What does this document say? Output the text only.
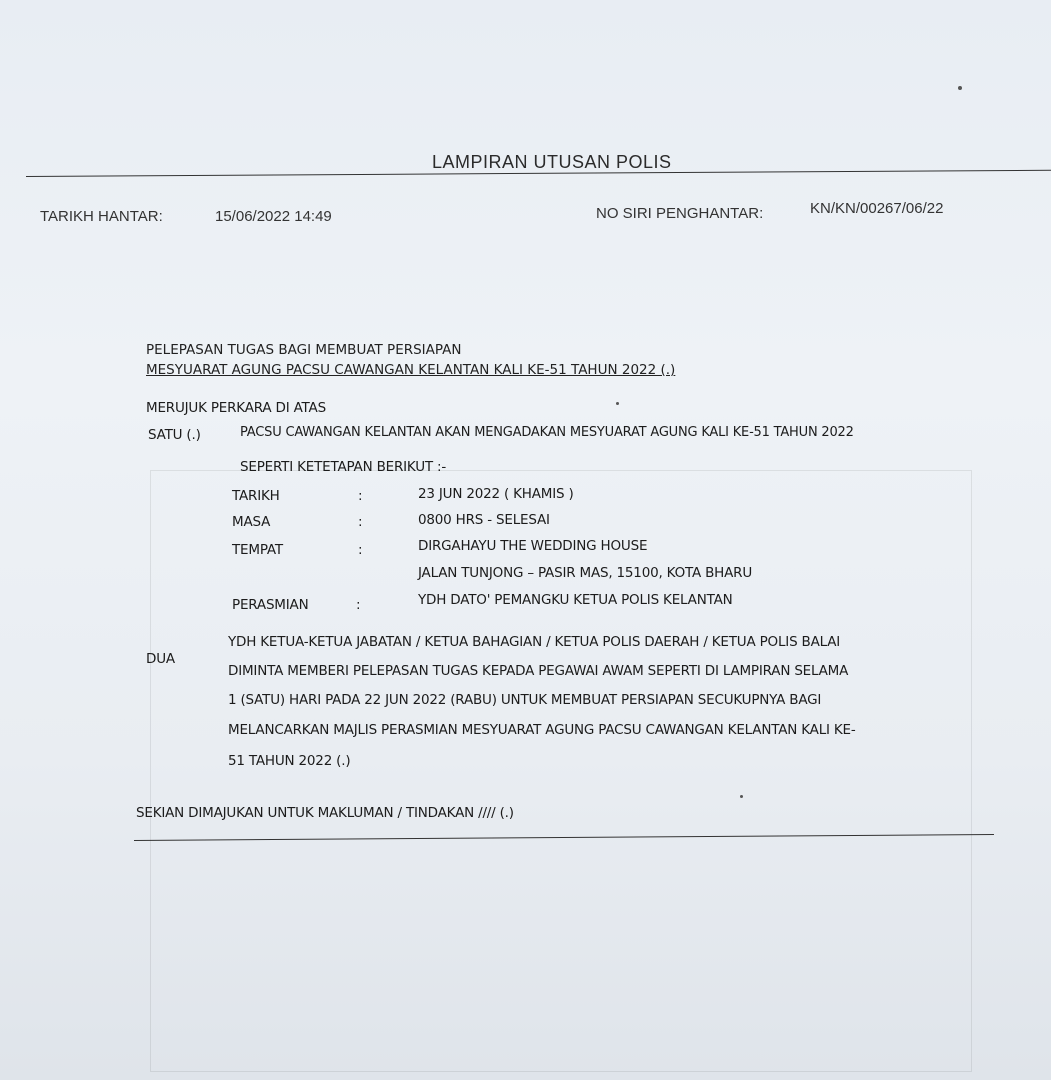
LAMPIRAN UTUSAN POLIS
TARIKH HANTAR:	15/06/2022 14:49	NO SIRI PENGHANTAR:	KN/KN/00267/06/22
PELEPASAN TUGAS BAGI MEMBUAT PERSIAPAN
MESYUARAT AGUNG PACSU CAWANGAN KELANTAN KALI KE-51 TAHUN 2022 (.)
MERUJUK PERKARA DI ATAS
SATU (.)	PACSU CAWANGAN KELANTAN AKAN MENGADAKAN MESYUARAT AGUNG KALI KE-51 TAHUN 2022
SEPERTI KETETAPAN BERIKUT :-
TARIKH	:	23 JUN 2022 ( KHAMIS )
MASA	:	0800 HRS - SELESAI
TEMPAT	:	DIRGAHAYU THE WEDDING HOUSE
JALAN TUNJONG – PASIR MAS, 15100, KOTA BHARU
PERASMIAN	:	YDH DATO' PEMANGKU KETUA POLIS KELANTAN
DUA
YDH KETUA-KETUA JABATAN / KETUA BAHAGIAN / KETUA POLIS DAERAH / KETUA POLIS BALAI
DIMINTA MEMBERI PELEPASAN TUGAS KEPADA PEGAWAI AWAM SEPERTI DI LAMPIRAN SELAMA
1 (SATU) HARI PADA 22 JUN 2022 (RABU) UNTUK MEMBUAT PERSIAPAN SECUKUPNYA BAGI
MELANCARKAN MAJLIS PERASMIAN MESYUARAT AGUNG PACSU CAWANGAN KELANTAN KALI KE-
51 TAHUN 2022 (.)
SEKIAN DIMAJUKAN UNTUK MAKLUMAN / TINDAKAN //// (.)
